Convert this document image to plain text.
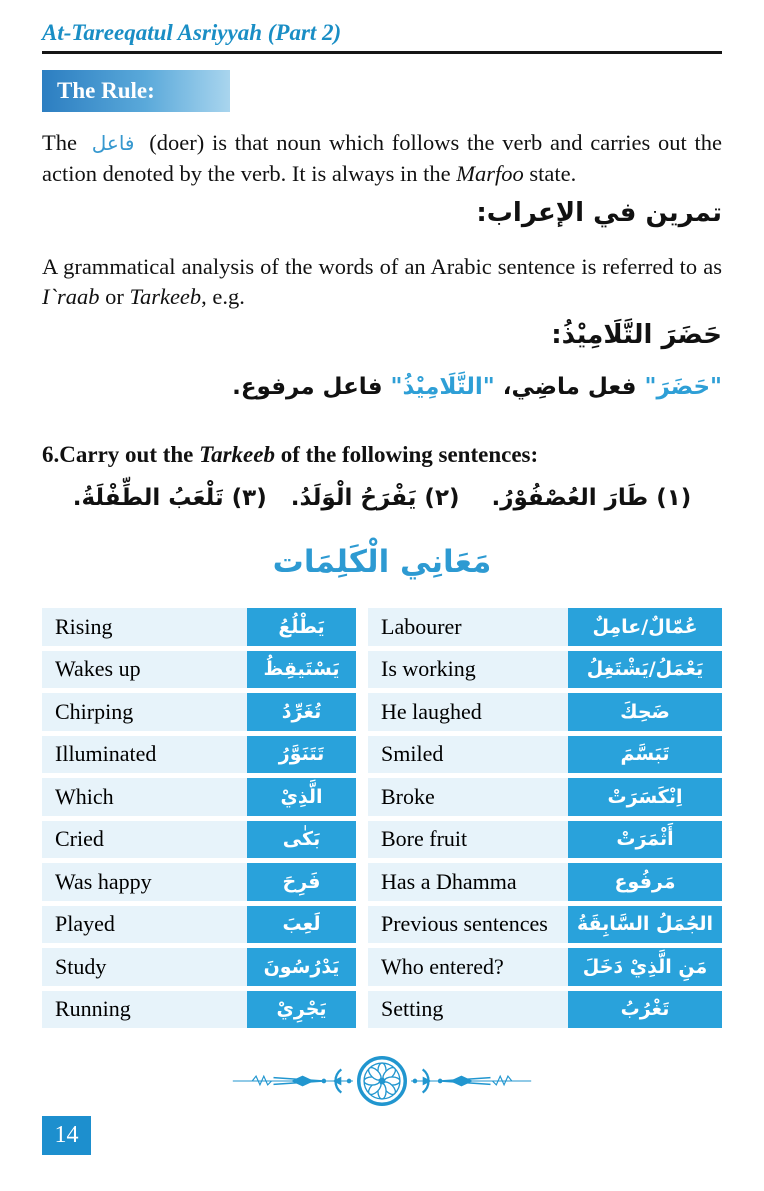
At-Tareeqatul Asriyyah (Part 2)
The Rule:

The فاعل (doer) is that noun which follows the verb and carries out the action denoted by the verb. It is always in the Marfoo state.

تمرين في الإعراب:

A grammatical analysis of the words of an Arabic sentence is referred to as I`raab or Tarkeeb, e.g.

حَضَرَ التَّلَامِيْذُ:
"حَضَرَ" فعل ماضِي، "التَّلَامِيْذُ" فاعل مرفوع.
6.Carry out the Tarkeeb of the following sentences:
(١) طَارَ العُصْفُوْرُ.    (٢) يَفْرَحُ الْوَلَدُ.   (٣) تَلْعَبُ الطِّفْلَةُ.
مَعَانِي الْكَلِمَات
Rising	يَطْلُعُ	Labourer	عُمّالٌ/عامِلٌ
Wakes up	يَسْتَيقِظُ	Is working	يَعْمَلُ/يَشْتَغِلُ
Chirping	تُغَرِّدُ	He laughed	ضَحِكَ
Illuminated	تَتَنَوَّرُ	Smiled	تَبَسَّمَ
Which	الَّذِيْ	Broke	اِنْكَسَرَتْ
Cried	بَكٰى	Bore fruit	أَثْمَرَتْ
Was happy	فَرِحَ	Has a Dhamma	مَرفُوع
Played	لَعِبَ	Previous sentences	الجُمَلُ السَّابِقَةُ
Study	يَدْرُسُونَ	Who entered?	مَنِ الَّذِيْ دَخَلَ
Running	يَجْرِيْ	Setting	تَغْرُبُ
14
